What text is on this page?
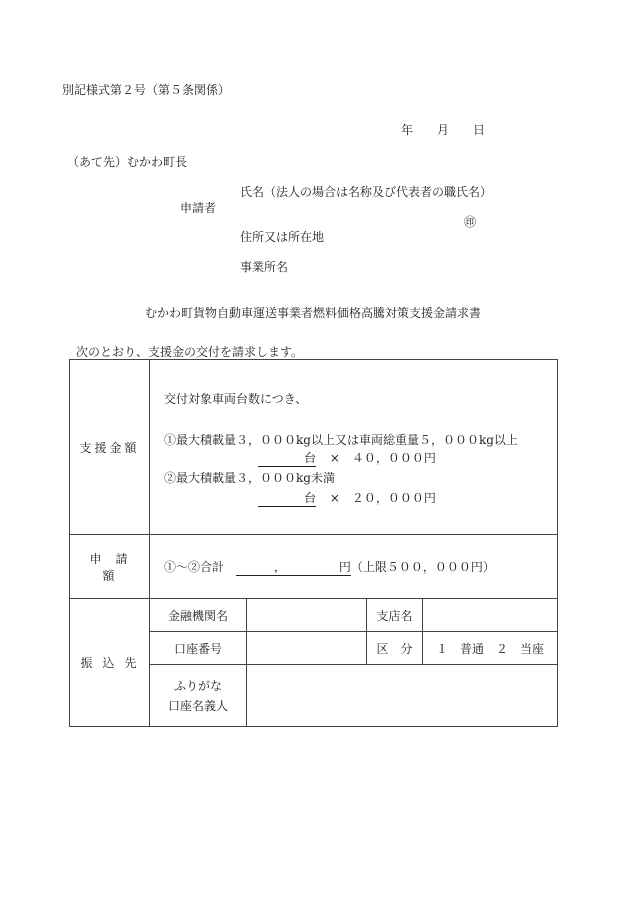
別記様式第２号（第５条関係）
年 月 日
（あて先）むかわ町長
申請者
氏名（法人の場合は名称及び代表者の職氏名）
㊞
住所又は所在地
事業所名
むかわ町貨物自動車運送事業者燃料価格高騰対策支援金請求書
次のとおり、支援金の交付を請求します。
支援金額	交付対象車両台数につき、
①最大積載量３，０００kg以上又は車両総重量５，０００kg以上
台 ×　４０，０００円
②最大積載量３，０００kg未満
台 ×　２０，０００円			

申請額	①～②合計 ， 円（上限５００，０００円）			

振込先	金融機関名		支店名	
	口座番号		区　分	１　普通　２　当座
	ふりがな
口座名義人			
